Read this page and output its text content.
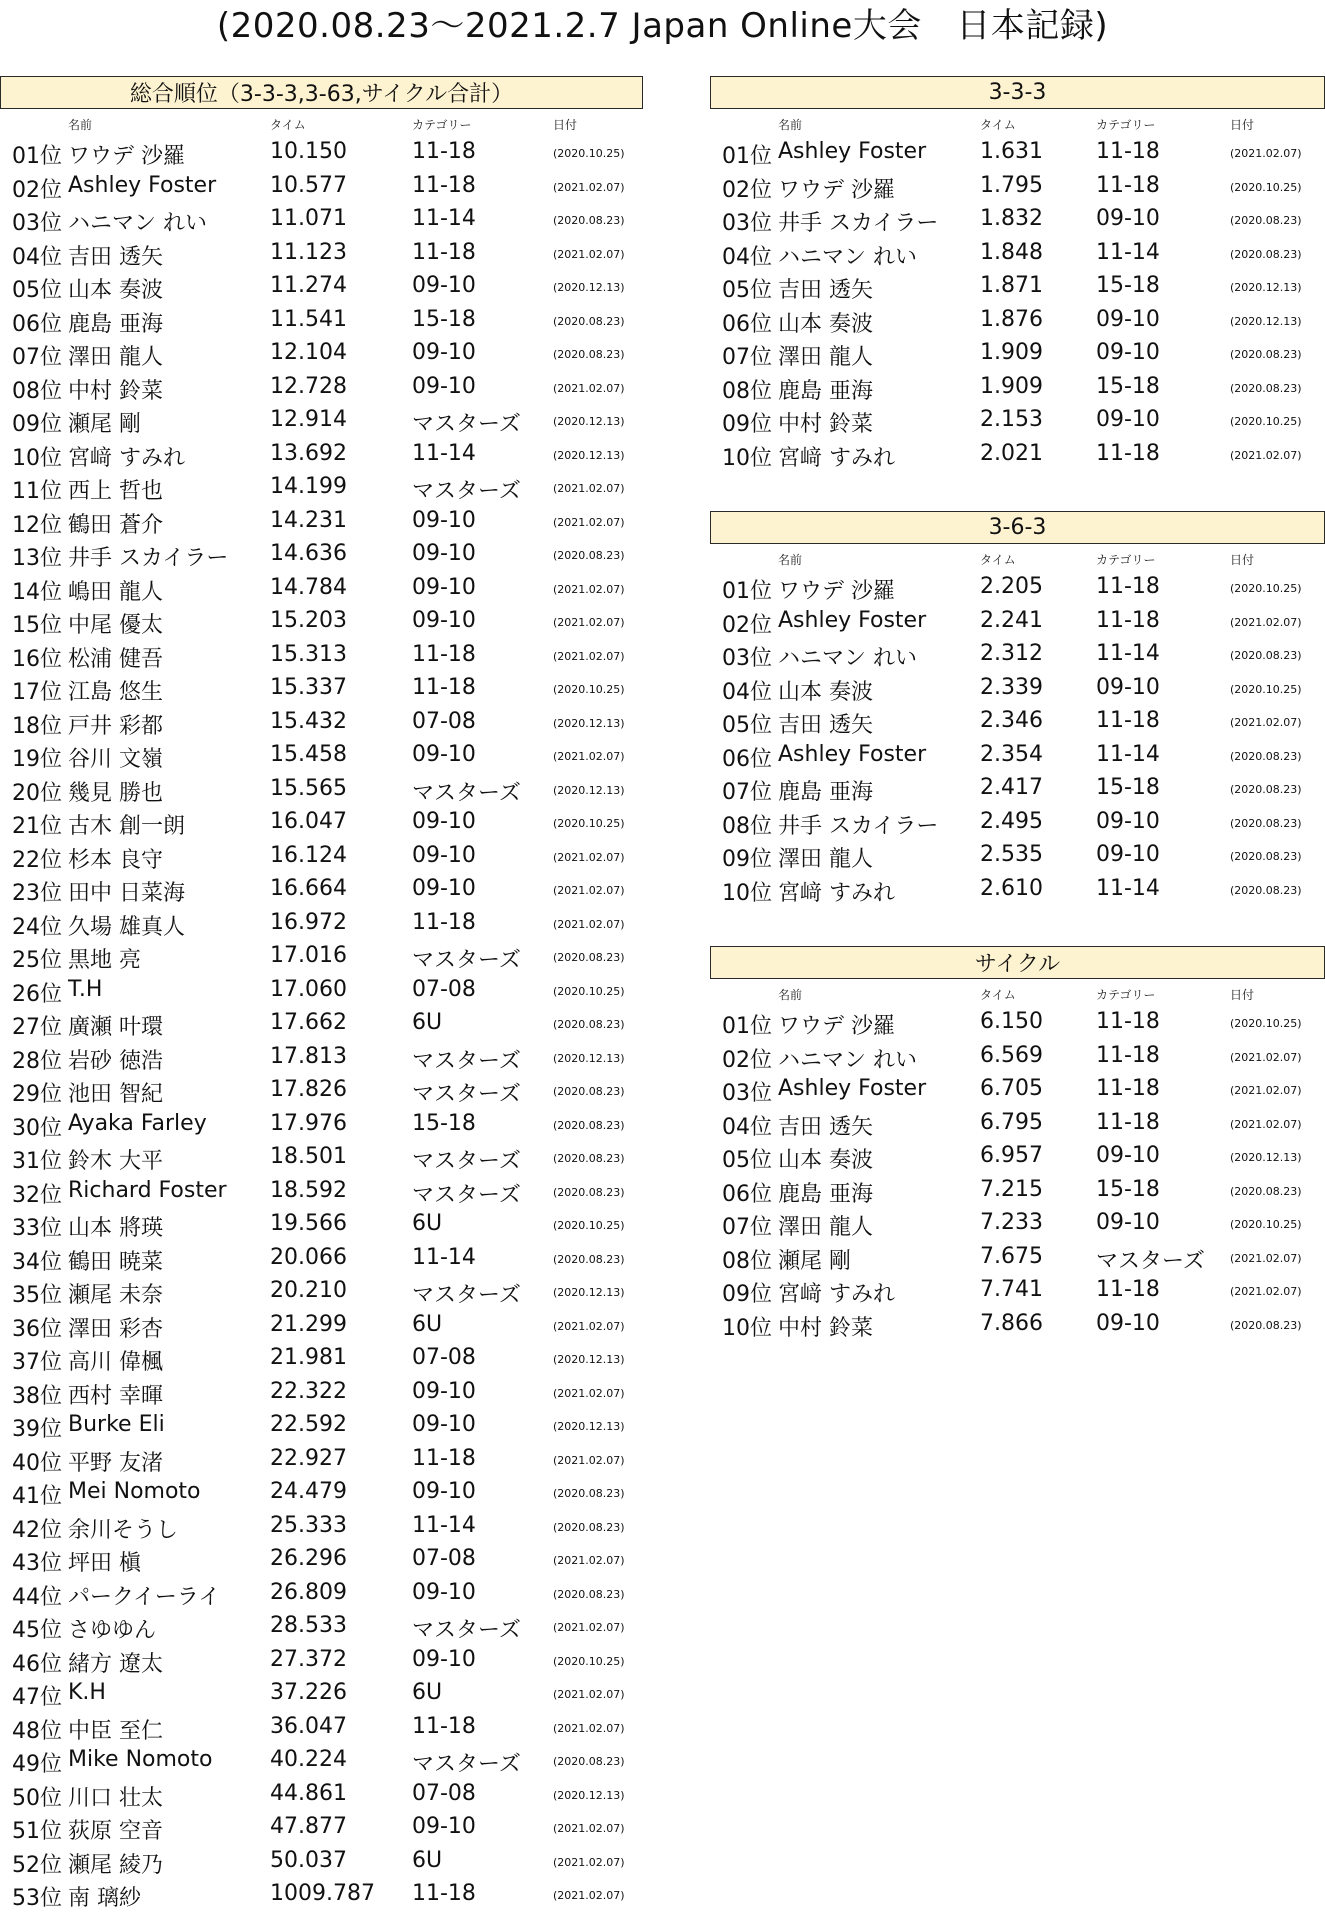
(2020.08.23〜2021.2.7 Japan Online大会　日本記録)
総合順位（3-3-3,3-63,サイクル合計）
名前	タイム	カテゴリー	日付
01位 ワウデ 沙羅	10.150	11-18	(2020.10.25)
02位 Ashley Foster 10.577	11-18	(2021.02.07)
03位 ハニマン れい	11.071	11-14	(2020.08.23)
04位 吉田 透矢	11.123	11-18	(2021.02.07)
05位 山本 奏波	11.274	09-10	(2020.12.13)
06位 鹿島 亜海	11.541	15-18	(2020.08.23)
07位 澤田 龍人	12.104	09-10	(2020.08.23)
08位 中村 鈴菜	12.728	09-10	(2021.02.07)
09位 瀬尾 剛	12.914	マスターズ	(2020.12.13)
10位 宮﨑 すみれ	13.692	11-14	(2020.12.13)
11位 西上 哲也	14.199	マスターズ	(2021.02.07)
12位 鶴田 蒼介	14.231	09-10	(2021.02.07)
13位 井手 スカイラー 14.636	09-10	(2020.08.23)
14位 嶋田 龍人	14.784	09-10	(2021.02.07)
15位 中尾 優太	15.203	09-10	(2021.02.07)
16位 松浦 健吾	15.313	11-18	(2021.02.07)
17位 江島 悠生	15.337	11-18	(2020.10.25)
18位 戸井 彩都	15.432	07-08	(2020.12.13)
19位 谷川 文嶺	15.458	09-10	(2021.02.07)
20位 幾見 勝也	15.565	マスターズ	(2020.12.13)
21位 古木 創一朗	16.047	09-10	(2020.10.25)
22位 杉本 良守	16.124	09-10	(2021.02.07)
23位 田中 日菜海	16.664	09-10	(2021.02.07)
24位 久場 雄真人	16.972	11-18	(2021.02.07)
25位 黒地 亮	17.016	マスターズ	(2020.08.23)
26位 T.H	17.060	07-08	(2020.10.25)
27位 廣瀬 叶環	17.662	6U	(2020.08.23)
28位 岩砂 徳浩	17.813	マスターズ	(2020.12.13)
29位 池田 智紀	17.826	マスターズ	(2020.08.23)
30位 Ayaka Farley	17.976	15-18	(2020.08.23)
31位 鈴木 大平	18.501	マスターズ	(2020.08.23)
32位 Richard Foster 18.592	マスターズ	(2020.08.23)
33位 山本 將瑛	19.566	6U	(2020.10.25)
34位 鶴田 暁菜	20.066	11-14	(2020.08.23)
35位 瀬尾 未奈	20.210	マスターズ	(2020.12.13)
36位 澤田 彩杏	21.299	6U	(2021.02.07)
37位 高川 偉楓	21.981	07-08	(2020.12.13)
38位 西村 幸暉	22.322	09-10	(2021.02.07)
39位 Burke Eli	22.592	09-10	(2020.12.13)
40位 平野 友渚	22.927	11-18	(2021.02.07)
41位 Mei Nomoto	24.479	09-10	(2020.08.23)
42位 余川そうし	25.333	11-14	(2020.08.23)
43位 坪田 槇	26.296	07-08	(2021.02.07)
44位 パークイーライ 26.809	09-10	(2020.08.23)
45位 さゆゆん	28.533	マスターズ	(2021.02.07)
46位 緒方 遼太	27.372	09-10	(2020.10.25)
47位 K.H	37.226	6U	(2021.02.07)
48位 中臣 至仁	36.047	11-18	(2021.02.07)
49位 Mike Nomoto	40.224	マスターズ	(2020.08.23)
50位 川口 壮太	44.861	07-08	(2020.12.13)
51位 荻原 空音	47.877	09-10	(2021.02.07)
52位 瀬尾 綾乃	50.037	6U	(2021.02.07)
53位 南 璃紗	1009.787 11-18	(2021.02.07)
3-3-3
名前	タイム	カテゴリー	日付
01位 Ashley Foster 1.631 11-18	(2021.02.07)
02位 ワウデ 沙羅	1.795 11-18	(2020.10.25)
03位 井手 スカイラー 1.832 09-10	(2020.08.23)
04位 ハニマン れい	1.848 11-14	(2020.08.23)
05位 吉田 透矢	1.871 15-18	(2020.12.13)
06位 山本 奏波	1.876 09-10	(2020.12.13)
07位 澤田 龍人	1.909 09-10	(2020.08.23)
08位 鹿島 亜海	1.909 15-18	(2020.08.23)
09位 中村 鈴菜	2.153 09-10	(2020.10.25)
10位 宮﨑 すみれ	2.021 11-18	(2021.02.07)
3-6-3
名前	タイム	カテゴリー	日付
01位 ワウデ 沙羅	2.205 11-18	(2020.10.25)
02位 Ashley Foster 2.241 11-18	(2021.02.07)
03位 ハニマン れい	2.312 11-14	(2020.08.23)
04位 山本 奏波	2.339 09-10	(2020.10.25)
05位 吉田 透矢	2.346 11-18	(2021.02.07)
06位 Ashley Foster 2.354 11-14	(2020.08.23)
07位 鹿島 亜海	2.417 15-18	(2020.08.23)
08位 井手 スカイラー 2.495 09-10	(2020.08.23)
09位 澤田 龍人	2.535 09-10	(2020.08.23)
10位 宮﨑 すみれ	2.610 11-14	(2020.08.23)
サイクル
名前	タイム	カテゴリー	日付
01位 ワウデ 沙羅	6.150 11-18	(2020.10.25)
02位 ハニマン れい	6.569 11-18	(2021.02.07)
03位 Ashley Foster 6.705 11-18	(2021.02.07)
04位 吉田 透矢	6.795 11-18	(2021.02.07)
05位 山本 奏波	6.957 09-10	(2020.12.13)
06位 鹿島 亜海	7.215 15-18	(2020.08.23)
07位 澤田 龍人	7.233 09-10	(2020.10.25)
08位 瀬尾 剛	7.675 マスターズ (2021.02.07)
09位 宮﨑 すみれ	7.741 11-18	(2021.02.07)
10位 中村 鈴菜	7.866 09-10	(2020.08.23)
